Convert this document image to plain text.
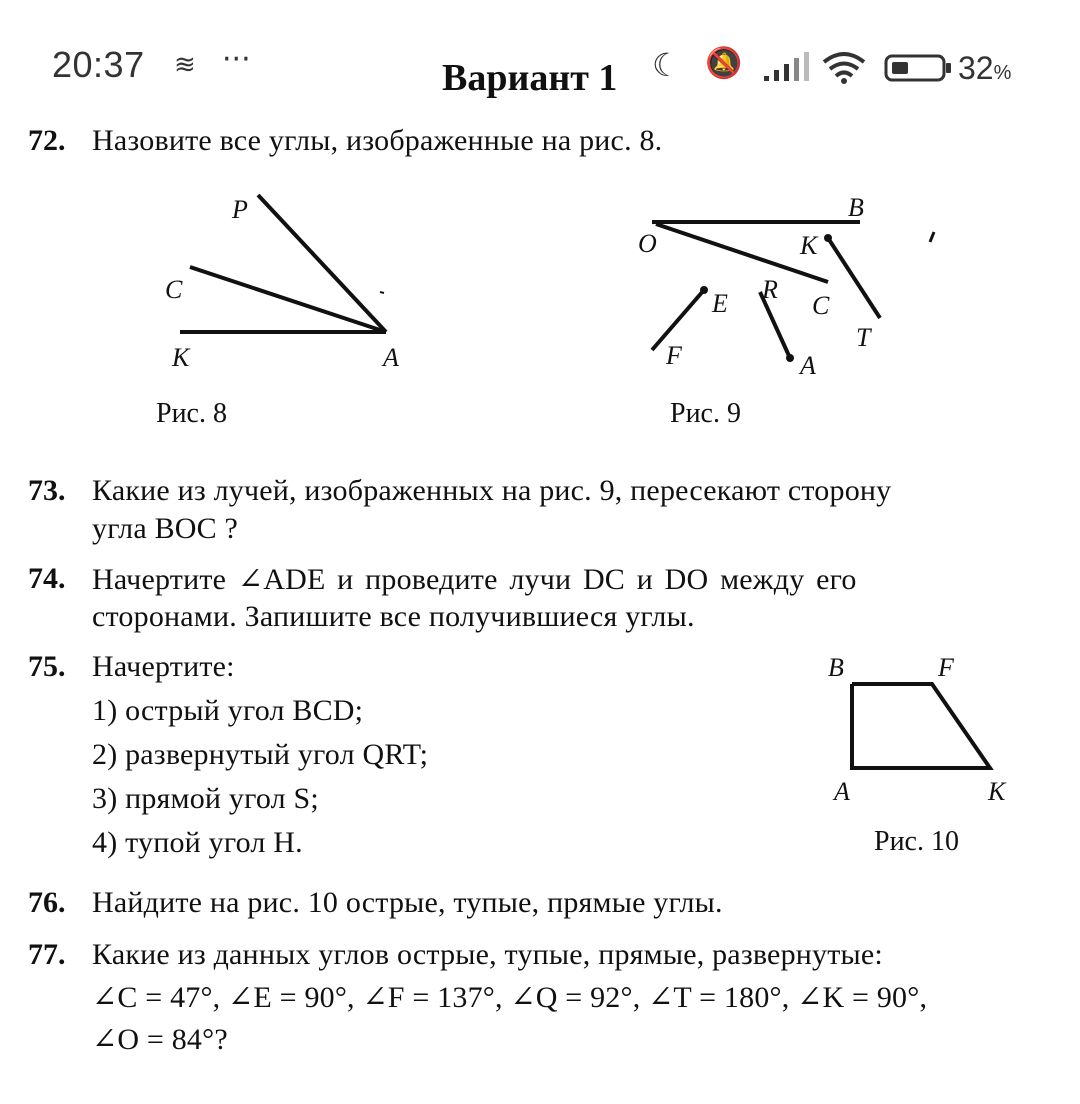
20:37 ≋ ···	☾ 🔕	32%
Вариант 1
72. Назовите все углы, изображенные на рис. 8.
P
C
K	A
Рис. 8
B
O	K
E R
C
T
F	A
Рис. 9
73. Какие из лучей, изображенных на рис. 9, пересекают сторону
угла BOC ?
74. Начертите ∠ADE и проведите лучи DC и DO между его
сторонами. Запишите все получившиеся углы.
75. Начертите:
1) острый угол BCD;
2) развернутый угол QRT;
3) прямой угол S;
4) тупой угол H.
B	F
A	K
Рис. 10
76. Найдите на рис. 10 острые, тупые, прямые углы.
77. Какие из данных углов острые, тупые, прямые, развернутые:
∠C = 47°, ∠E = 90°, ∠F = 137°, ∠Q = 92°, ∠T = 180°, ∠K = 90°,
∠O = 84°?
